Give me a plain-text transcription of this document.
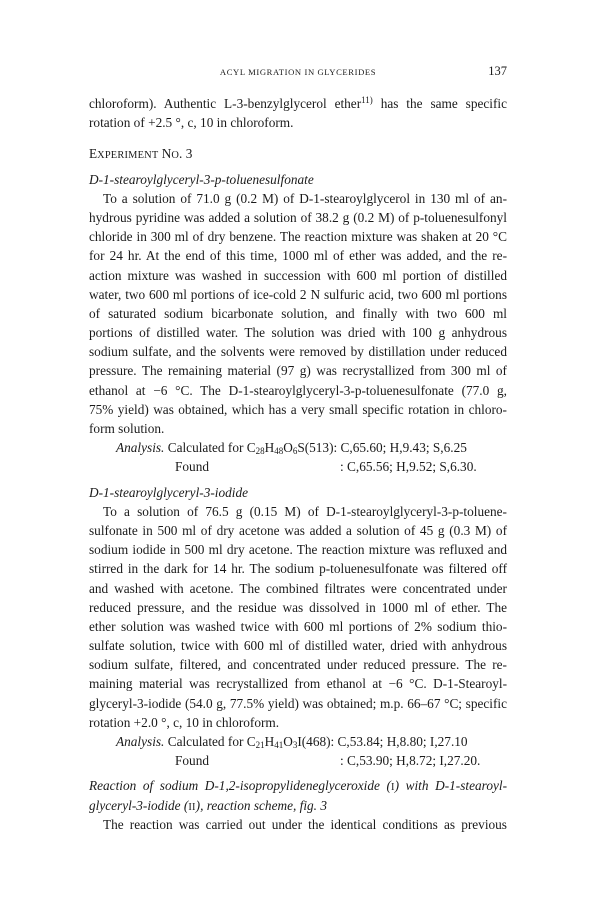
ACYL MIGRATION IN GLYCERIDES	137
chloroform). Authentic L-3-benzylglycerol ether$^{11)}$ has the same specific
rotation of +2.5 °, c, 10 in chloroform.
EXPERIMENT NO. 3
D-1-stearoylglyceryl-3-p-toluenesulfonate
To a solution of 71.0 g (0.2 M) of D-1-stearoylglycerol in 130 ml of an-
hydrous pyridine was added a solution of 38.2 g (0.2 M) of p-toluenesulfonyl
chloride in 300 ml of dry benzene. The reaction mixture was shaken at 20 °C
for 24 hr. At the end of this time, 1000 ml of ether was added, and the re-
action mixture was washed in succession with 600 ml portion of distilled
water, two 600 ml portions of ice-cold 2 N sulfuric acid, two 600 ml portions
of saturated sodium bicarbonate solution, and finally with two 600 ml
portions of distilled water. The solution was dried with 100 g anhydrous
sodium sulfate, and the solvents were removed by distillation under reduced
pressure. The remaining material (97 g) was recrystallized from 300 ml of
ethanol at −6 °C. The D-1-stearoylglyceryl-3-p-toluenesulfonate (77.0 g,
75% yield) was obtained, which has a very small specific rotation in chloro-
form solution.
Analysis. Calculated for $C_{28}H_{48}O_6S(513)$: C,65.60; H,9.43; S,6.25
Found	: C,65.56; H,9.52; S,6.30.
D-1-stearoylglyceryl-3-iodide
To a solution of 76.5 g (0.15 M) of D-1-stearoylglyceryl-3-p-toluene-
sulfonate in 500 ml of dry acetone was added a solution of 45 g (0.3 M) of
sodium iodide in 500 ml dry acetone. The reaction mixture was refluxed and
stirred in the dark for 14 hr. The sodium p-toluenesulfonate was filtered off
and washed with acetone. The combined filtrates were concentrated under
reduced pressure, and the residue was dissolved in 1000 ml of ether. The
ether solution was washed twice with 600 ml portions of 2% sodium thio-
sulfate solution, twice with 600 ml of distilled water, dried with anhydrous
sodium sulfate, filtered, and concentrated under reduced pressure. The re-
maining material was recrystallized from ethanol at −6 °C. D-1-Stearoyl-
glyceryl-3-iodide (54.0 g, 77.5% yield) was obtained; m.p. 66–67 °C; specific
rotation +2.0 °, c, 10 in chloroform.
Analysis. Calculated for $C_{21}H_{41}O_3I(468)$: C,53.84; H,8.80; I,27.10
Found	: C,53.90; H,8.72; I,27.20.
Reaction of sodium D-1,2-isopropylideneglyceroxide (I) with D-1-stearoyl-
glyceryl-3-iodide (II), reaction scheme, fig. 3
The reaction was carried out under the identical conditions as previous
